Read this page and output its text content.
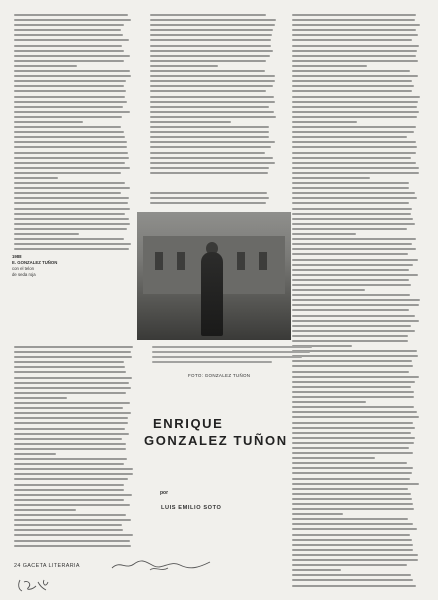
1988
E. GONZALEZ TUÑON
con el telon
de seda roja
FOTO: GONZALEZ TUÑON
ENRIQUE
GONZALEZ TUÑON
por
LUIS EMILIO SOTO
24 GACETA LITERARIA
